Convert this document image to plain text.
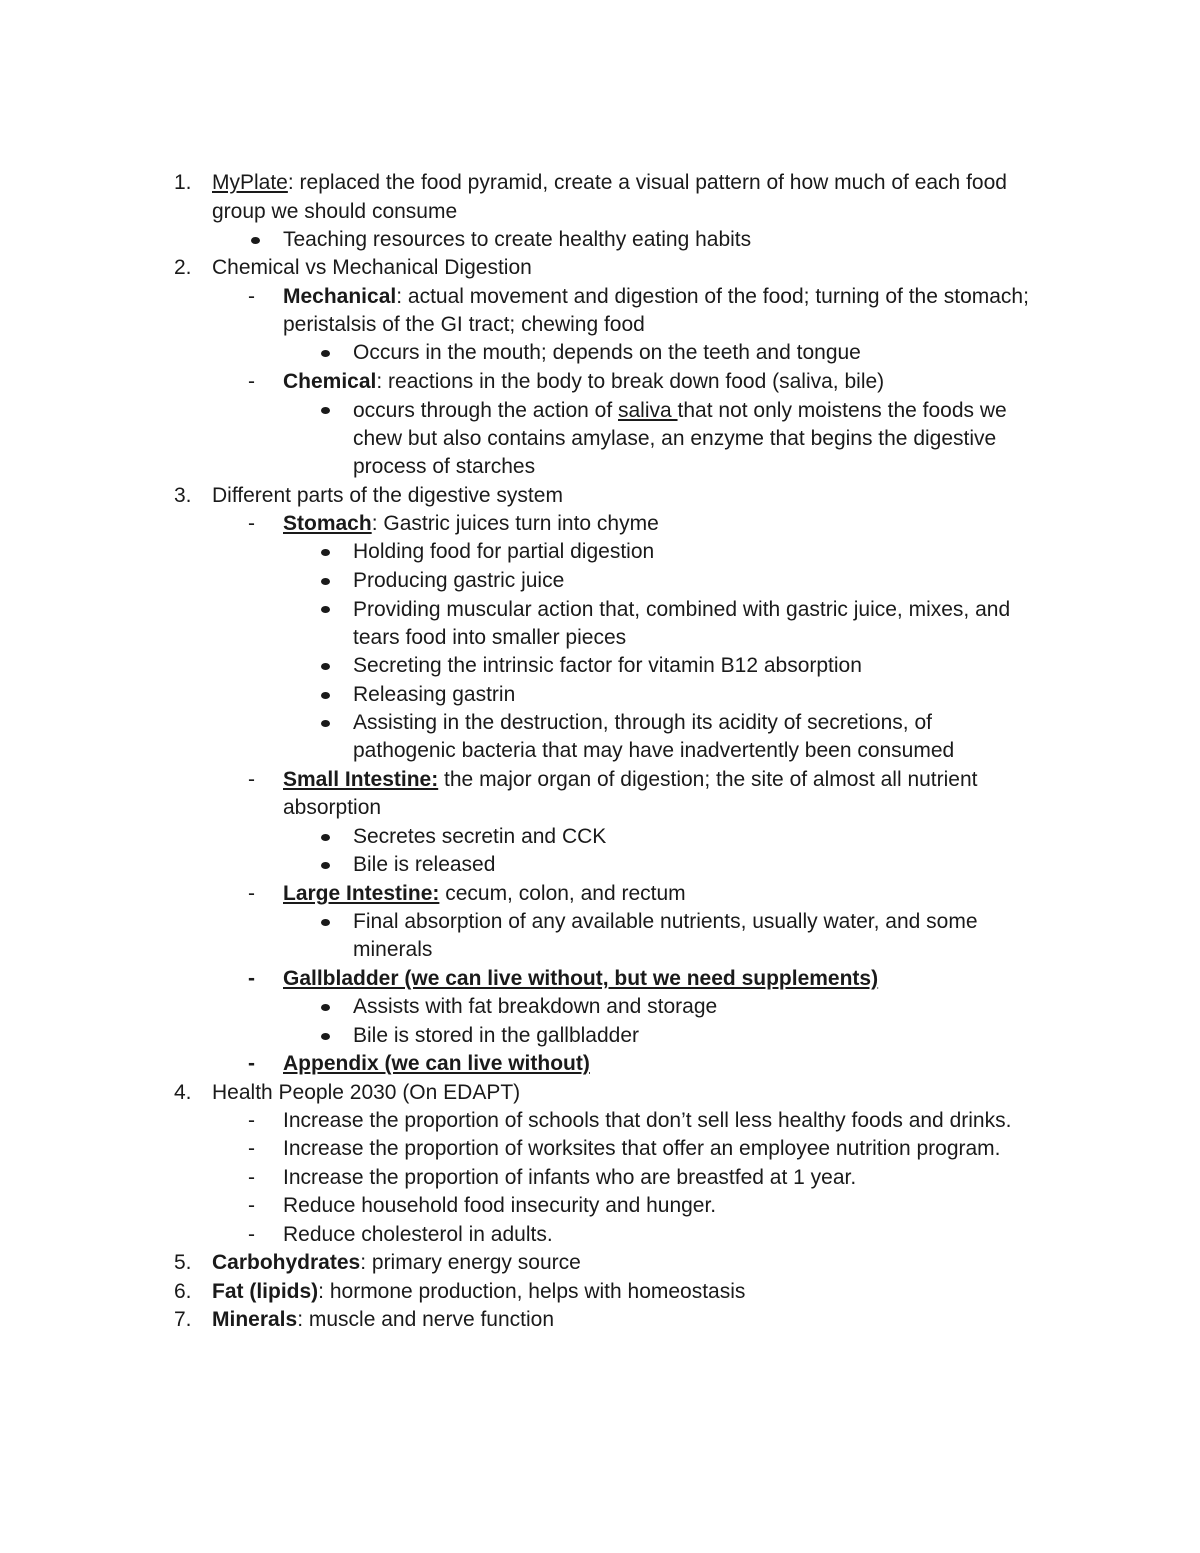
1. MyPlate: replaced the food pyramid, create a visual pattern of how much of each food
group we should consume
Teaching resources to create healthy eating habits
2. Chemical vs Mechanical Digestion
- Mechanical: actual movement and digestion of the food; turning of the stomach;
peristalsis of the GI tract; chewing food
Occurs in the mouth; depends on the teeth and tongue
- Chemical: reactions in the body to break down food (saliva, bile)
occurs through the action of saliva that not only moistens the foods we
chew but also contains amylase, an enzyme that begins the digestive
process of starches
3. Different parts of the digestive system
- Stomach: Gastric juices turn into chyme
Holding food for partial digestion
Producing gastric juice
Providing muscular action that, combined with gastric juice, mixes, and
tears food into smaller pieces
Secreting the intrinsic factor for vitamin B12 absorption
Releasing gastrin
Assisting in the destruction, through its acidity of secretions, of
pathogenic bacteria that may have inadvertently been consumed
- Small Intestine: the major organ of digestion; the site of almost all nutrient
absorption
Secretes secretin and CCK
Bile is released
- Large Intestine: cecum, colon, and rectum
Final absorption of any available nutrients, usually water, and some
minerals
- Gallbladder (we can live without, but we need supplements)
Assists with fat breakdown and storage
Bile is stored in the gallbladder
- Appendix (we can live without)
4. Health People 2030 (On EDAPT)
- Increase the proportion of schools that don’t sell less healthy foods and drinks.
- Increase the proportion of worksites that offer an employee nutrition program.
- Increase the proportion of infants who are breastfed at 1 year.
- Reduce household food insecurity and hunger.
- Reduce cholesterol in adults.
5. Carbohydrates: primary energy source
6. Fat (lipids): hormone production, helps with homeostasis
7. Minerals: muscle and nerve function
